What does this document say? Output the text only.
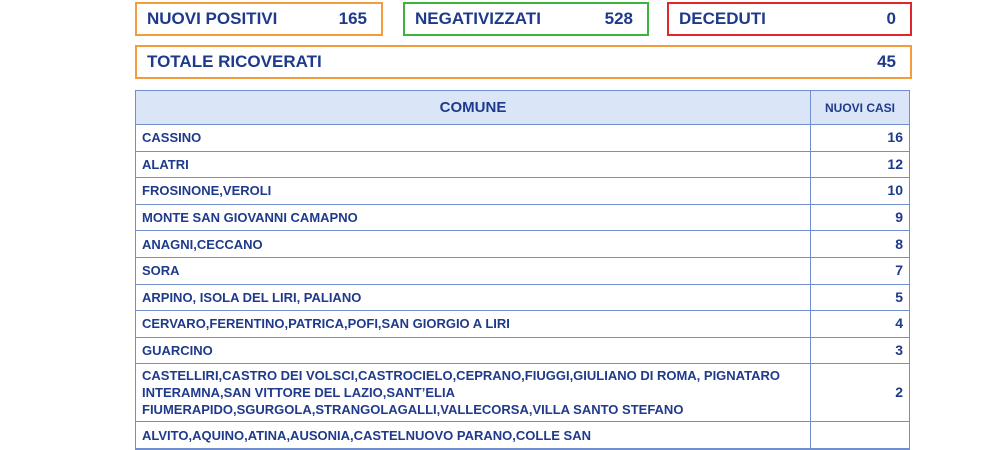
NUOVI POSITIVI	165	NEGATIVIZZATI	528	DECEDUTI	0
TOTALE RICOVERATI	45
COMUNE	NUOVI CASI
CASSINO	16
ALATRI	12
FROSINONE,VEROLI	10
MONTE SAN GIOVANNI CAMAPNO	9
ANAGNI,CECCANO	8
SORA	7
ARPINO, ISOLA DEL LIRI, PALIANO	5
CERVARO,FERENTINO,PATRICA,POFI,SAN GIORGIO A LIRI	4
GUARCINO	3
CASTELLIRI,CASTRO DEI VOLSCI,CASTROCIELO,CEPRANO,FIUGGI,GIULIANO DI ROMA, PIGNATARO INTERAMNA,SAN VITTORE DEL LAZIO,SANT’ELIA FIUMERAPIDO,SGURGOLA,STRANGOLAGALLI,VALLECORSA,VILLA SANTO STEFANO	2
ALVITO,AQUINO,ATINA,AUSONIA,CASTELNUOVO PARANO,COLLE SAN	
